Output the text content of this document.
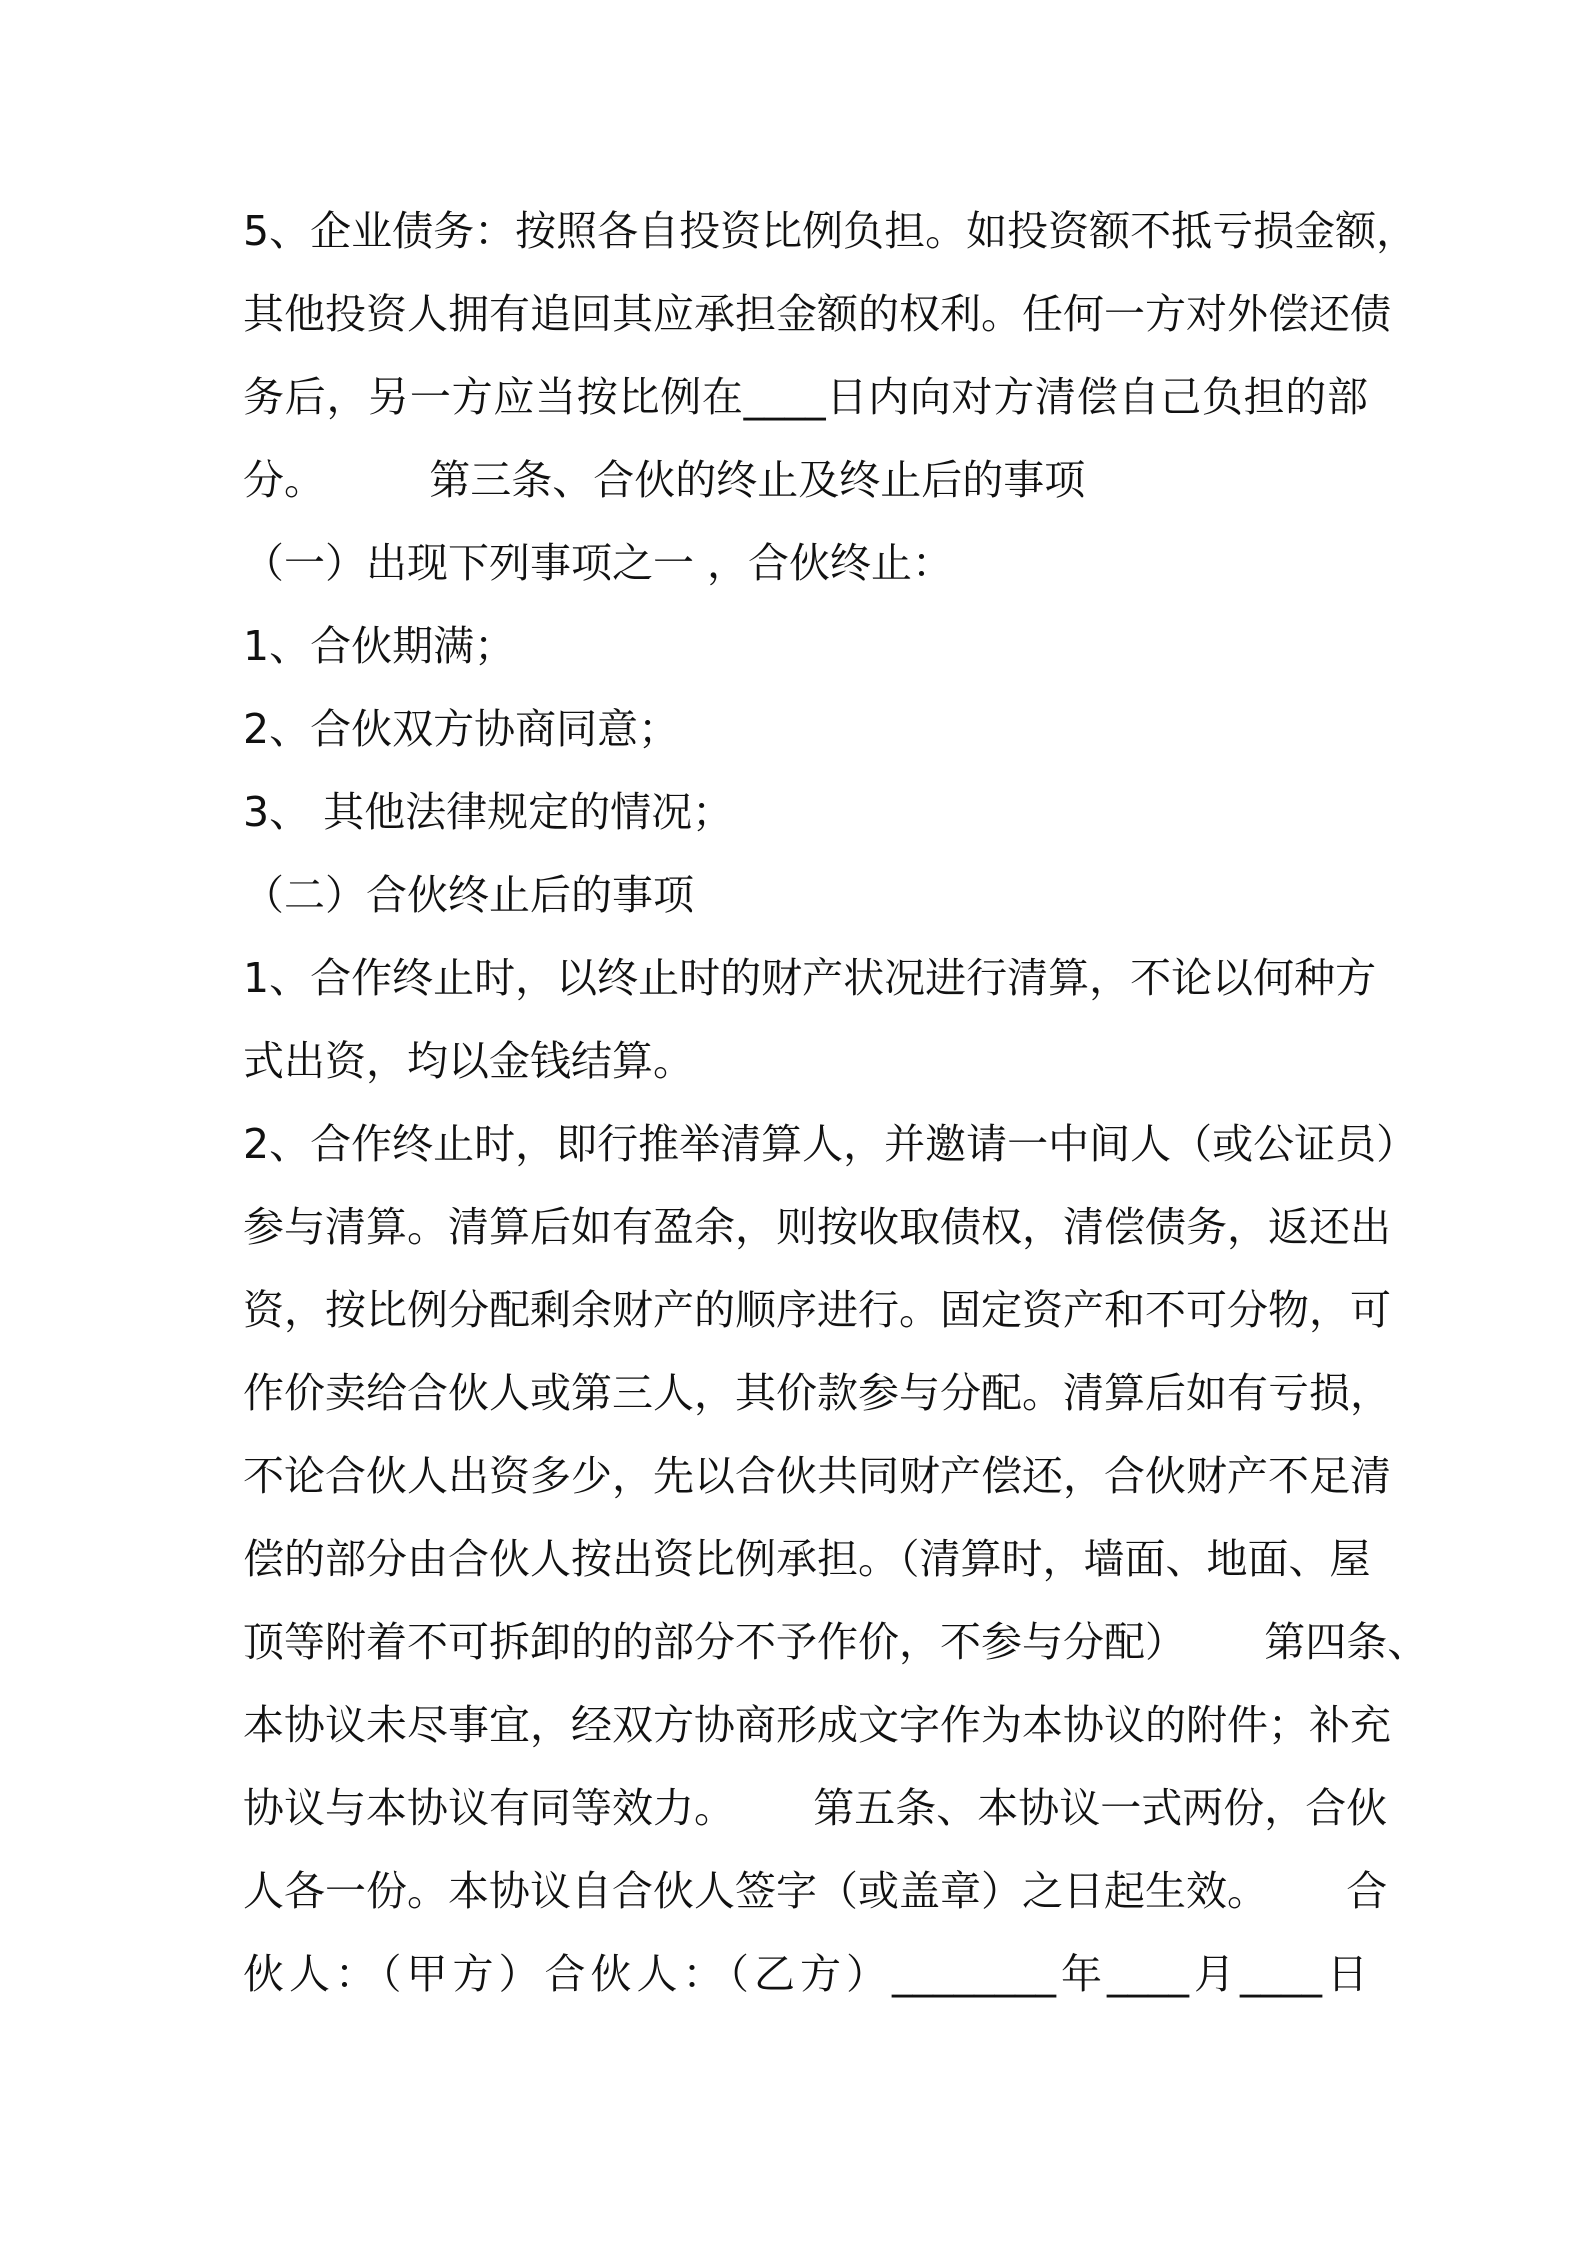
5、企业债务：按照各自投资比例负担。如投资额不抵亏损金额，
其他投资人拥有追回其应承担金额的权利。任何一方对外偿还债
务后，另一方应当按比例在____日内向对方清偿自己负担的部
分。        第三条、合伙的终止及终止后的事项
（一）出现下列事项之一 ，合伙终止：
1、合伙期满；
2、合伙双方协商同意；
3、 其他法律规定的情况；
（二）合伙终止后的事项
1、合作终止时，以终止时的财产状况进行清算，不论以何种方
式出资，均以金钱结算。
2、合作终止时，即行推举清算人，并邀请一中间人（或公证员）
参与清算。清算后如有盈余，则按收取债权，清偿债务，返还出
资，按比例分配剩余财产的顺序进行。固定资产和不可分物，可
作价卖给合伙人或第三人，其价款参与分配。清算后如有亏损，
不论合伙人出资多少，先以合伙共同财产偿还，合伙财产不足清
偿的部分由合伙人按出资比例承担。（清算时，墙面、地面、屋
顶等附着不可拆卸的的部分不予作价，不参与分配）      第四条、
本协议未尽事宜，经双方协商形成文字作为本协议的附件；补充
协议与本协议有同等效力。      第五条、本协议一式两份，合伙
人各一份。本协议自合伙人签字（或盖章）之日起生效。      合
伙人：（甲方）合伙人：（乙方）________年____月____日
